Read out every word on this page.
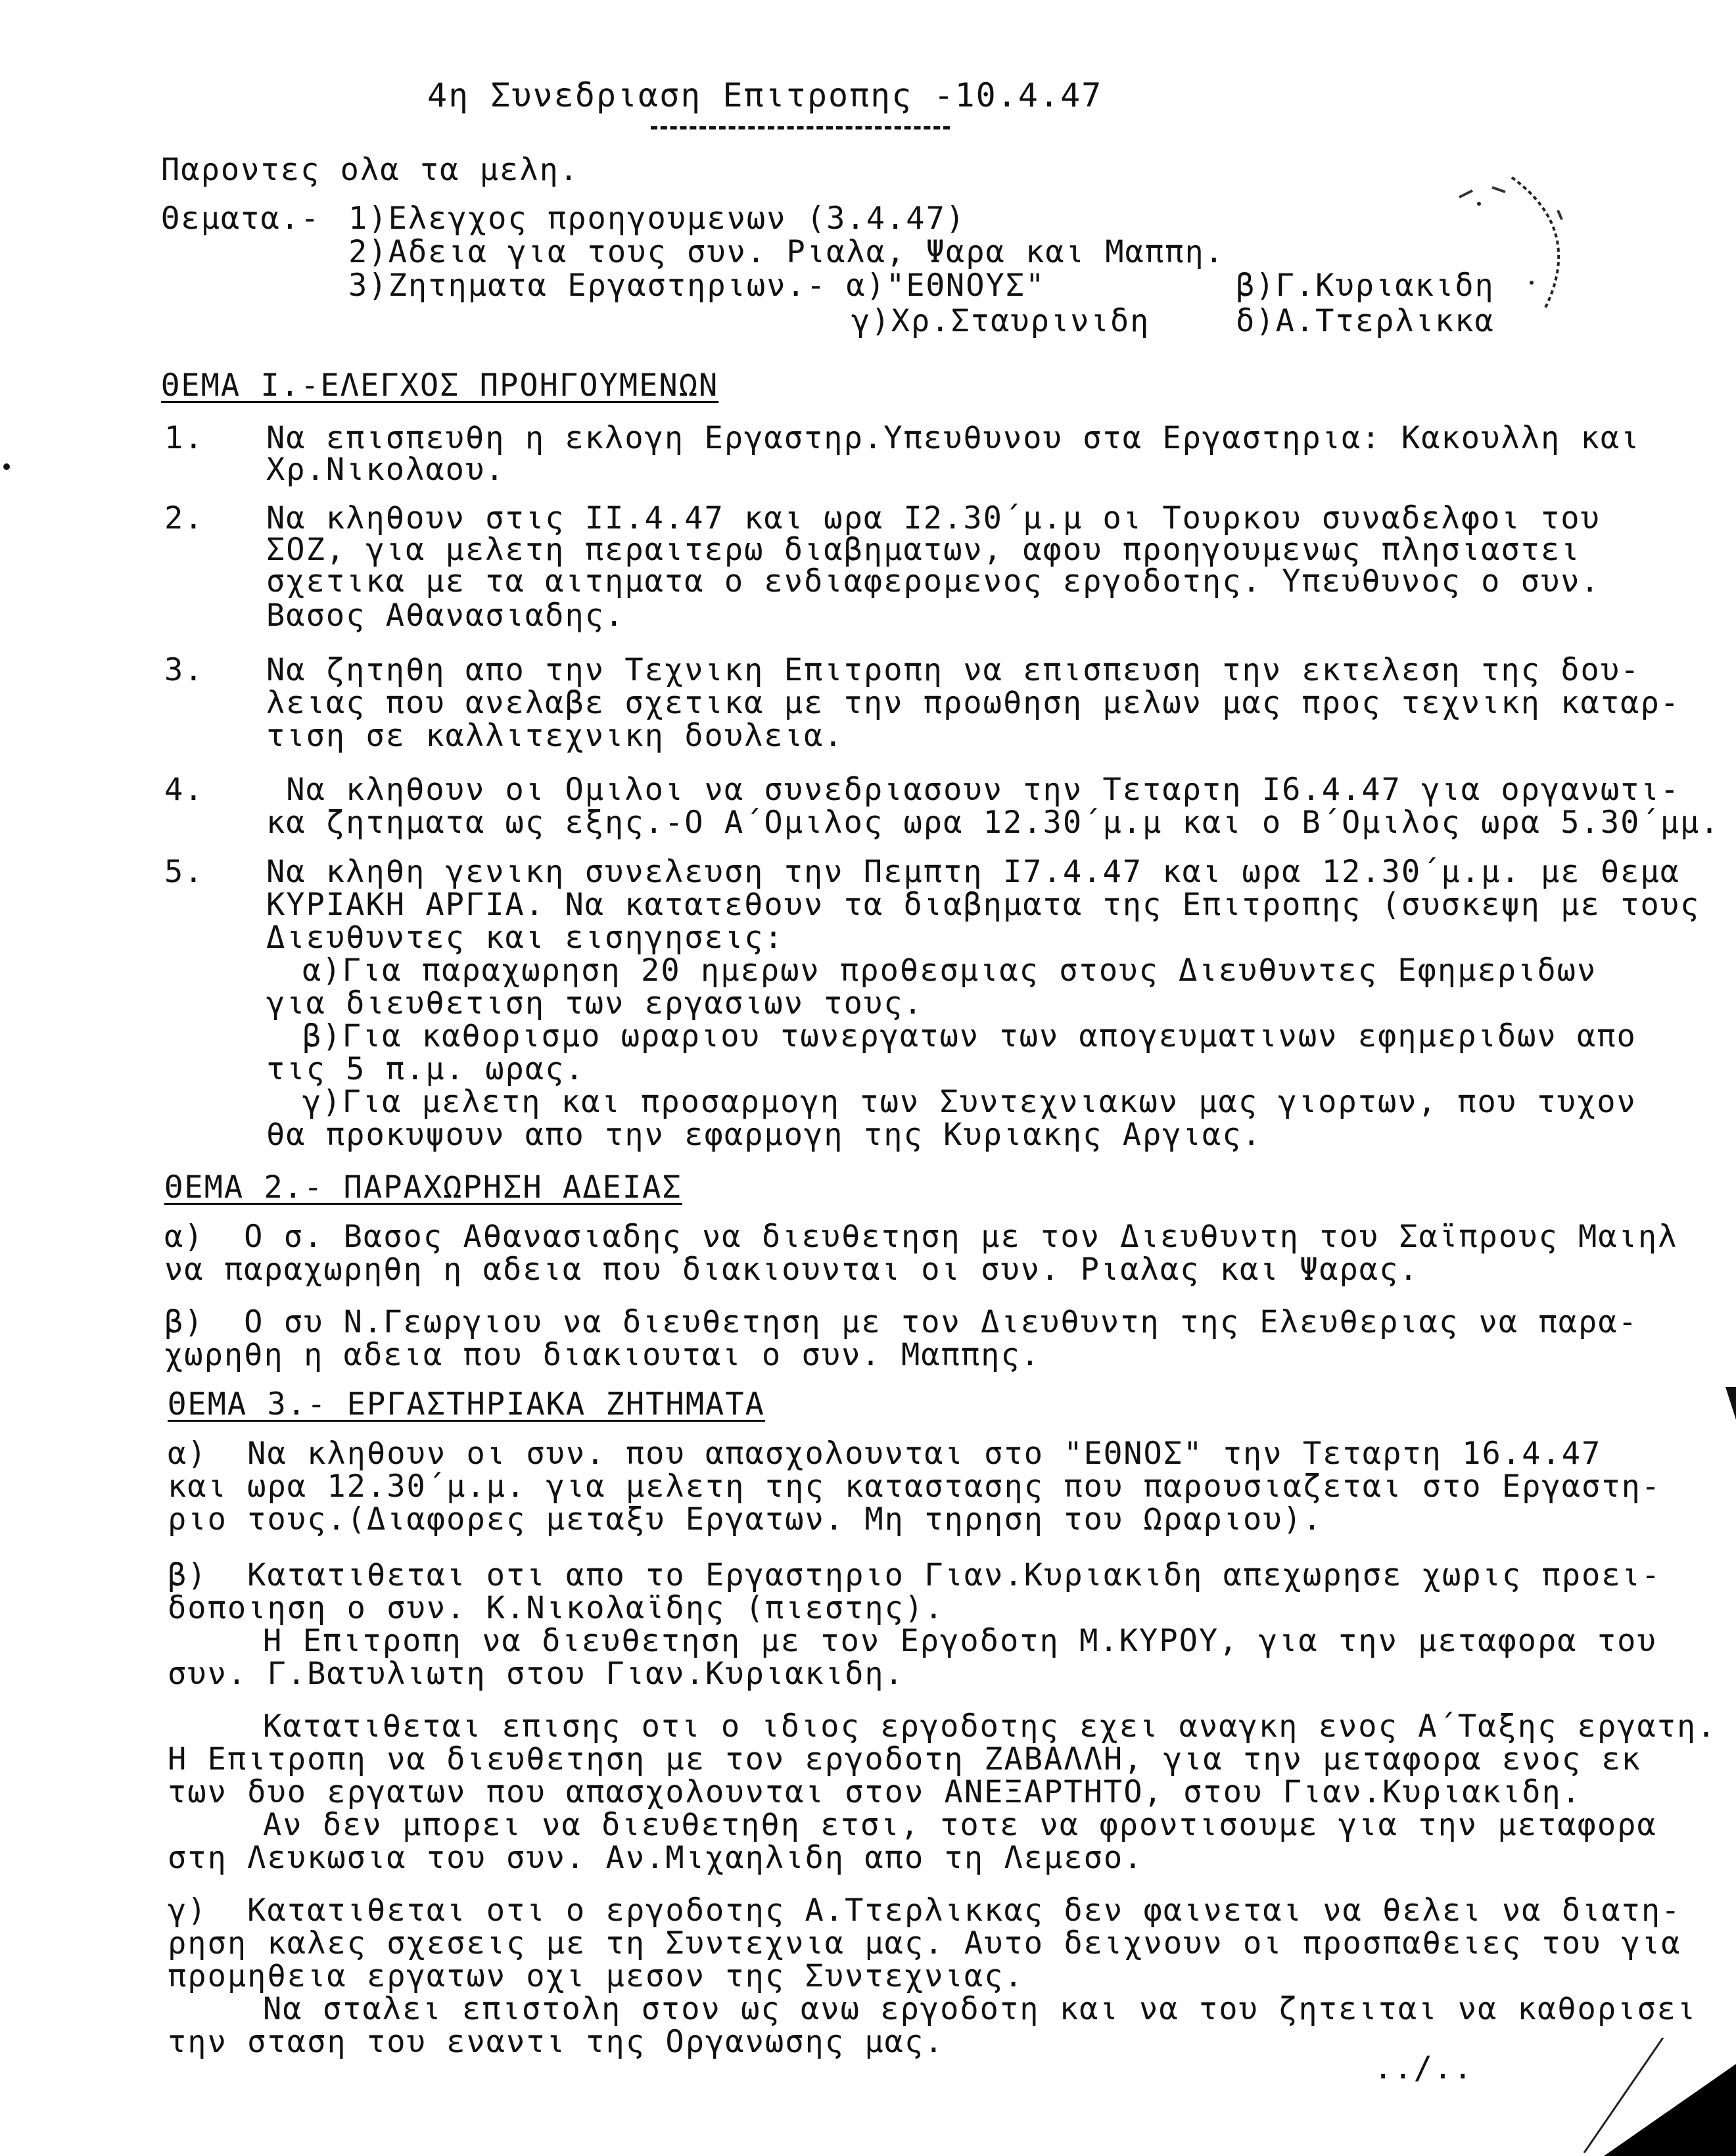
4η Συνεδριαση Επιτροπης -10.4.47
Παροντες ολα τα μελη.
Θεματα.- 1)Ελεγχος προηγουμενων (3.4.47)
2)Αδεια για τους συν. Ριαλα, Ψαρα και Μαππη.
3)Ζητηματα Εργαστηριων.- α)"ΕΘΝΟΥΣ"	β)Γ.Κυριακιδη
γ)Χρ.Σταυρινιδη	δ)Α.Ττερλικκα
ΘΕΜΑ Ι.-ΕΛΕΓΧΟΣ ΠΡΟΗΓΟΥΜΕΝΩΝ
1. Να επισπευθη η εκλογη Εργαστηρ.Υπευθυνου στα Εργαστηρια: Κακουλλη και
Χρ.Νικολαου.
2. Να κληθουν στις ΙΙ.4.47 και ωρα Ι2.30΄μ.μ οι Τουρκου συναδελφοι του
ΣΟΖ, για μελετη περαιτερω διαβηματων, αφου προηγουμενως πλησιαστει
σχετικα με τα αιτηματα ο ενδιαφερομενος εργοδοτης. Υπευθυνος ο συν.
Βασος Αθανασιαδης.
3. Να ζητηθη απο την Τεχνικη Επιτροπη να επισπευση την εκτελεση της δου-
λειας που ανελαβε σχετικα με την προωθηση μελων μας προς τεχνικη καταρ-
τιση σε καλλιτεχνικη δουλεια.
4. Να κληθουν οι Ομιλοι να συνεδριασουν την Τεταρτη Ι6.4.47 για οργανωτι-
κα ζητηματα ως εξης.-Ο Α΄Ομιλος ωρα 12.30΄μ.μ και ο Β΄Ομιλος ωρα 5.30΄μμ.
5. Να κληθη γενικη συνελευση την Πεμπτη Ι7.4.47 και ωρα 12.30΄μ.μ. με θεμα
ΚΥΡΙΑΚΗ ΑΡΓΙΑ. Να κατατεθουν τα διαβηματα της Επιτροπης (συσκεψη με τους
Διευθυντες και εισηγησεις:
α)Για παραχωρηση 20 ημερων προθεσμιας στους Διευθυντες Εφημεριδων
για διευθετιση των εργασιων τους.
β)Για καθορισμο ωραριου τωνεργατων των απογευματινων εφημεριδων απο
τις 5 π.μ. ωρας.
γ)Για μελετη και προσαρμογη των Συντεχνιακων μας γιορτων, που τυχον
θα προκυψουν απο την εφαρμογη της Κυριακης Αργιας.
ΘΕΜΑ 2.- ΠΑΡΑΧΩΡΗΣΗ ΑΔΕΙΑΣ
α)  Ο σ. Βασος Αθανασιαδης να διευθετηση με τον Διευθυντη του Σαϊπρους Μαιηλ
να παραχωρηθη η αδεια που διακιουνται οι συν. Ριαλας και Ψαρας.
β)  Ο συ Ν.Γεωργιου να διευθετηση με τον Διευθυντη της Ελευθεριας να παρα-
χωρηθη η αδεια που διακιουται ο συν. Μαππης.
ΘΕΜΑ 3.- ΕΡΓΑΣΤΗΡΙΑΚΑ ΖΗΤΗΜΑΤΑ
α)  Να κληθουν οι συν. που απασχολουνται στο "ΕΘΝΟΣ" την Τεταρτη 16.4.47
και ωρα 12.30΄μ.μ. για μελετη της καταστασης που παρουσιαζεται στο Εργαστη-
ριο τους.(Διαφορες μεταξυ Εργατων. Μη τηρηση του Ωραριου).
β)  Κατατιθεται οτι απο το Εργαστηριο Γιαν.Κυριακιδη απεχωρησε χωρις προει-
δοποιηση ο συν. Κ.Νικολαϊδης (πιεστης).
Η Επιτροπη να διευθετηση με τον Εργοδοτη Μ.ΚΥΡΟΥ, για την μεταφορα του
συν. Γ.Βατυλιωτη στου Γιαν.Κυριακιδη.
Κατατιθεται επισης οτι ο ιδιος εργοδοτης εχει αναγκη ενος Α΄Ταξης εργατη.
Η Επιτροπη να διευθετηση με τον εργοδοτη ΖΑΒΑΛΛΗ, για την μεταφορα ενος εκ
των δυο εργατων που απασχολουνται στον ΑΝΕΞΑΡΤΗΤΟ, στου Γιαν.Κυριακιδη.
Αν δεν μπορει να διευθετηθη ετσι, τοτε να φροντισουμε για την μεταφορα
στη Λευκωσια του συν. Αν.Μιχαηλιδη απο τη Λεμεσο.
γ)  Κατατιθεται οτι ο εργοδοτης Α.Ττερλικκας δεν φαινεται να θελει να διατη-
ρηση καλες σχεσεις με τη Συντεχνια μας. Αυτο δειχνουν οι προσπαθειες του για
προμηθεια εργατων οχι μεσον της Συντεχνιας.
Να σταλει επιστολη στον ως ανω εργοδοτη και να του ζητειται να καθορισει
την σταση του εναντι της Οργανωσης μας.
../..
